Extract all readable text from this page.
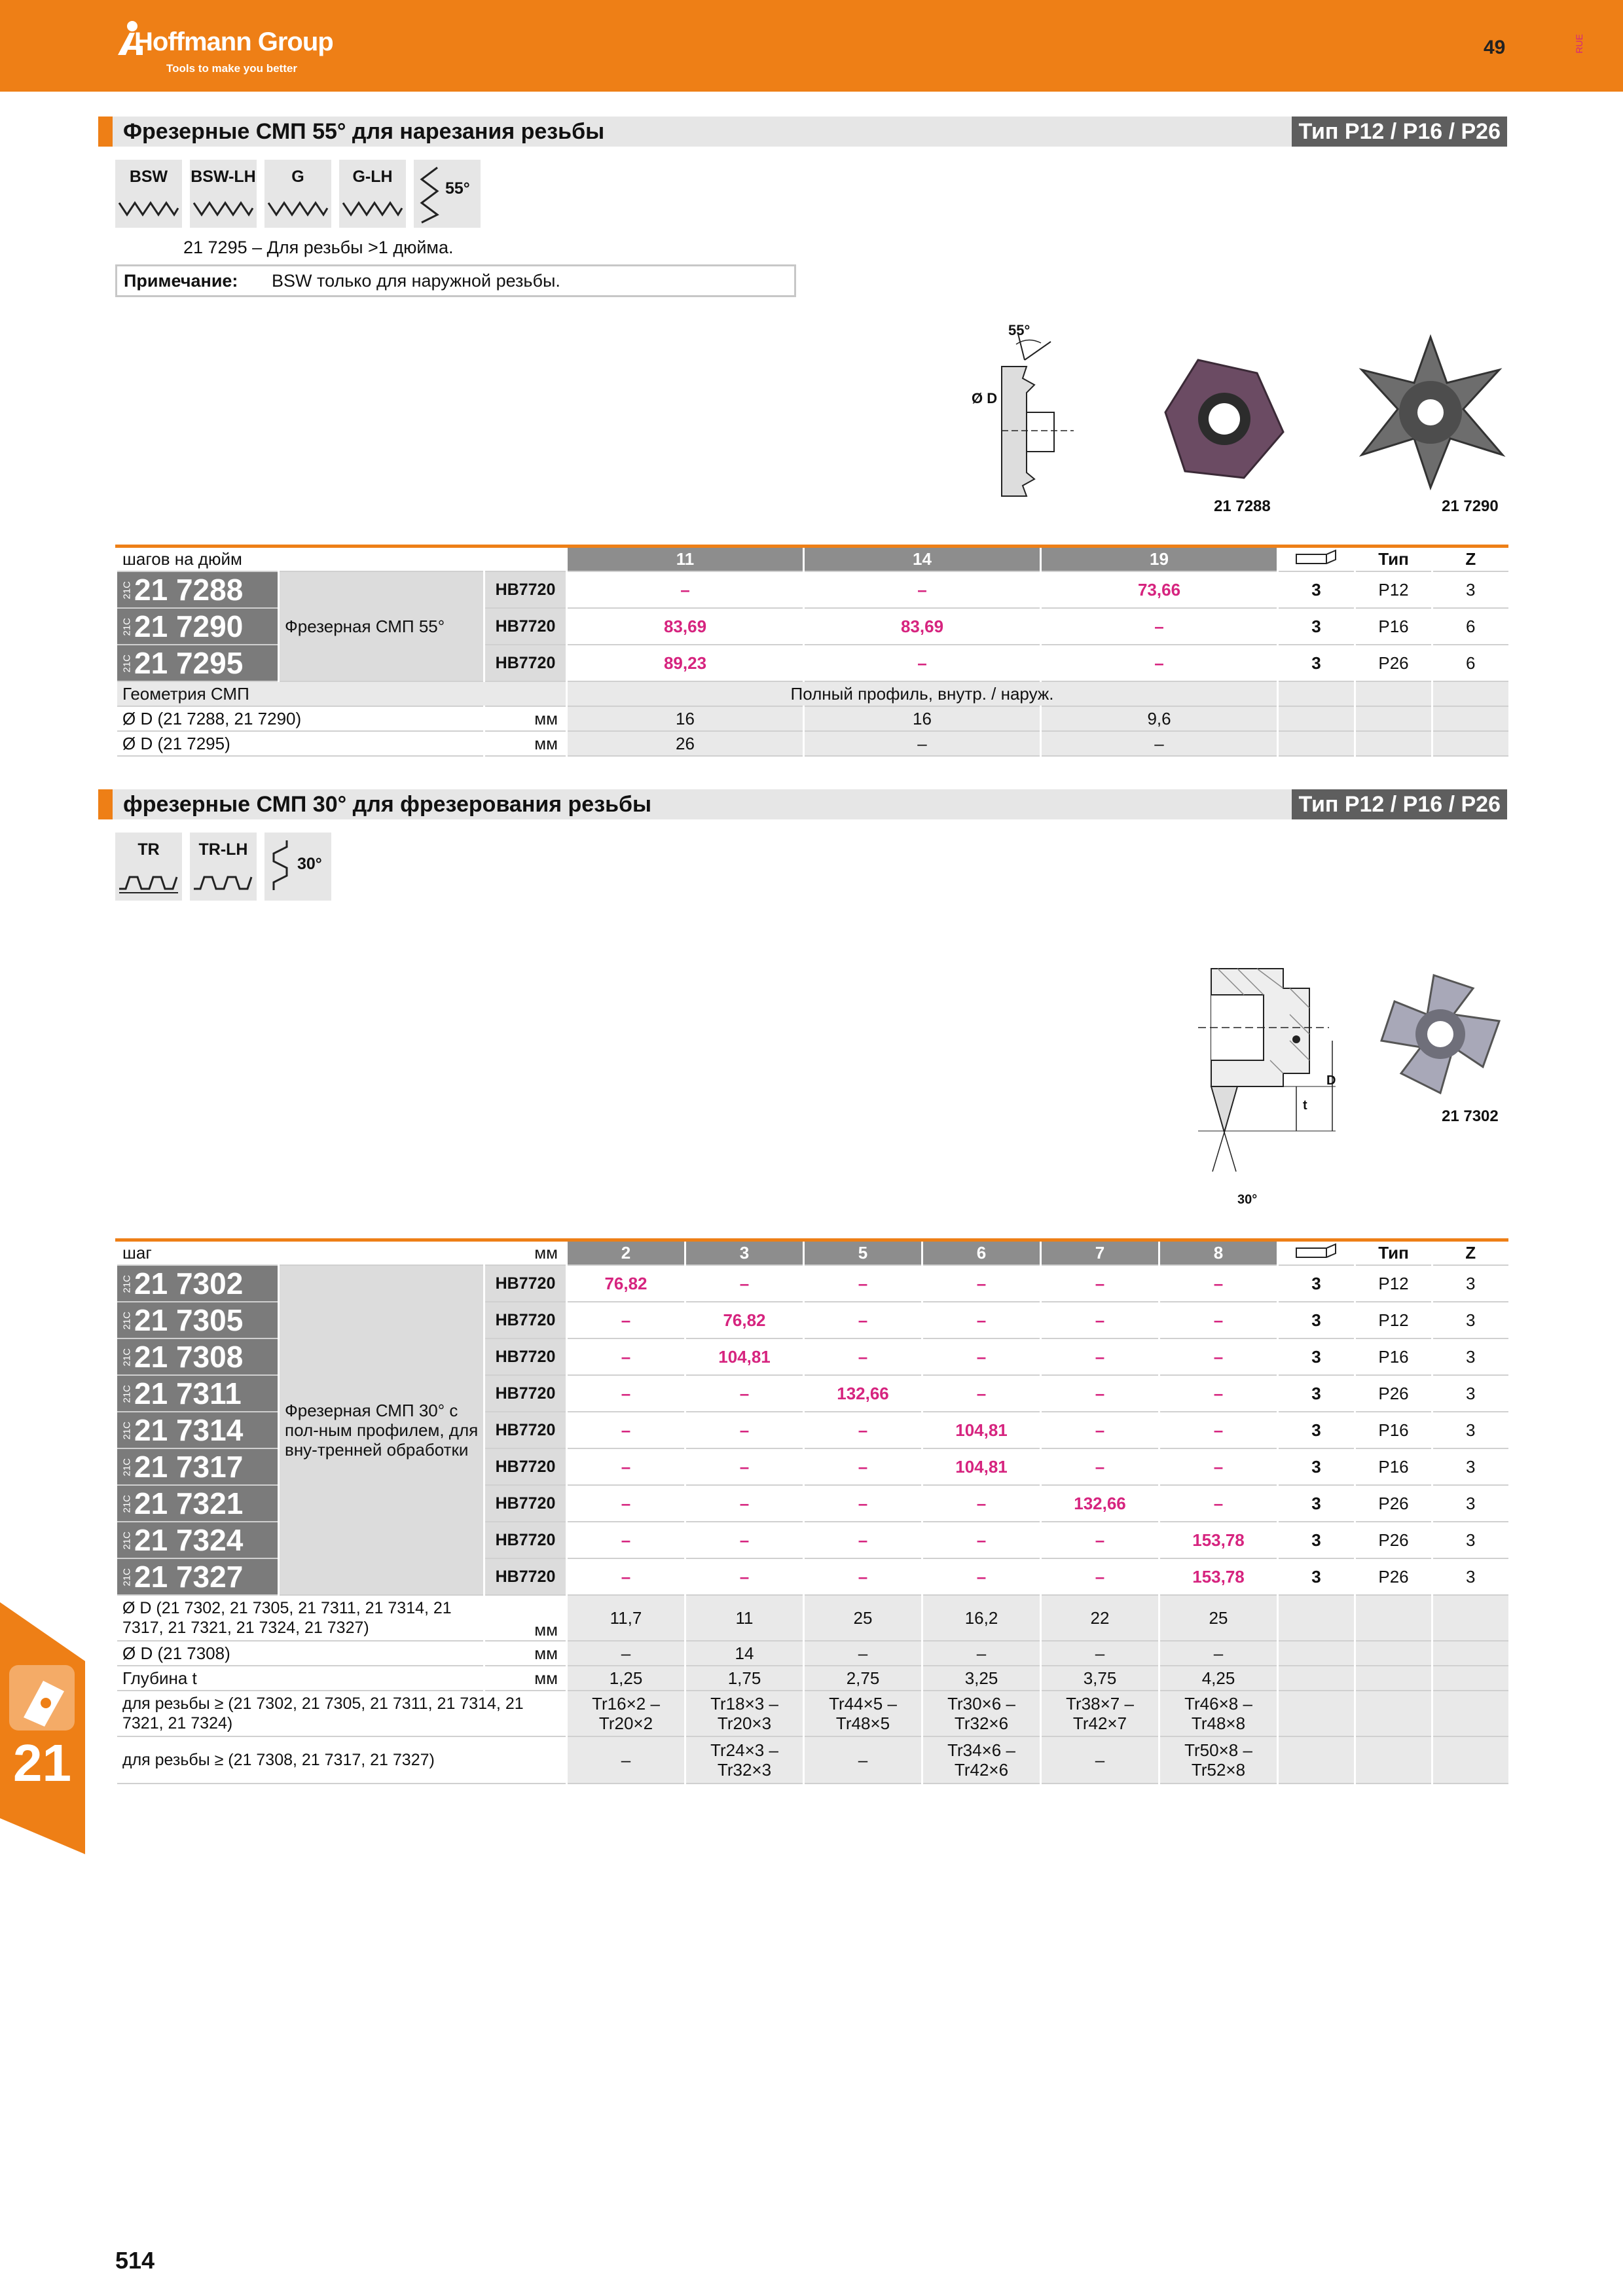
Hoffmann Group
Tools to make you better
49	RUE
Фрезерные СМП 55° для нарезания резьбы	Тип P12 / P16 / P26
BSW	BSW-LH	G	G-LH
55°
21 7295 – Для резьбы >1 дюйма.
Примечание: BSW только для наружной резьбы.
55°
Ø D
21 7288	21 7290
шагов на дюйм			11	14	19		Тип	Z
21C21 7288	Фрезерная СМП 55°	HB7720	–	–	73,66	3	P12	3
21C21 7290		HB7720	83,69	83,69	–	3	P16	6
21C21 7295		HB7720	89,23	–	–	3	P26	6
Геометрия СМП			Полный профиль, внутр. / наруж.					
Ø D (21 7288, 21 7290)		мм	16	16	9,6			
Ø D (21 7295)		мм	26	–	–			
фрезерные СМП 30° для фрезерования резьбы	Тип P12 / P16 / P26
TR	TR-LH
30°
D
t
30°
21 7302
шаг		мм	2	3	5	6	7	8		Тип	Z
21C21 7302	Фрезерная СМП 30° с пол-ным профилем, для вну-тренней обработки	HB7720	76,82	–	–	–	–	–	3	P12	3
21C21 7305		HB7720	–	76,82	–	–	–	–	3	P12	3
21C21 7308		HB7720	–	104,81	–	–	–	–	3	P16	3
21C21 7311		HB7720	–	–	132,66	–	–	–	3	P26	3
21C21 7314		HB7720	–	–	–	104,81	–	–	3	P16	3
21C21 7317		HB7720	–	–	–	104,81	–	–	3	P16	3
21C21 7321		HB7720	–	–	–	–	132,66	–	3	P26	3
21C21 7324		HB7720	–	–	–	–	–	153,78	3	P26	3
21C21 7327		HB7720	–	–	–	–	–	153,78	3	P26	3
Ø D (21 7302, 21 7305, 21 7311, 21 7314, 21 7317, 21 7321, 21 7324, 21 7327)		мм	11,7	11	25	16,2	22	25			
Ø D (21 7308)		мм	–	14	–	–	–	–			
Глубина t		мм	1,25	1,75	2,75	3,25	3,75	4,25			
для резьбы ≥ (21 7302, 21 7305, 21 7311, 21 7314, 21 7321, 21 7324)			Tr16×2 – Tr20×2	Tr18×3 – Tr20×3	Tr44×5 – Tr48×5	Tr30×6 – Tr32×6	Tr38×7 – Tr42×7	Tr46×8 – Tr48×8			
для резьбы ≥ (21 7308, 21 7317, 21 7327)			–	Tr24×3 – Tr32×3	–	Tr34×6 – Tr42×6	–	Tr50×8 – Tr52×8			
21
514
